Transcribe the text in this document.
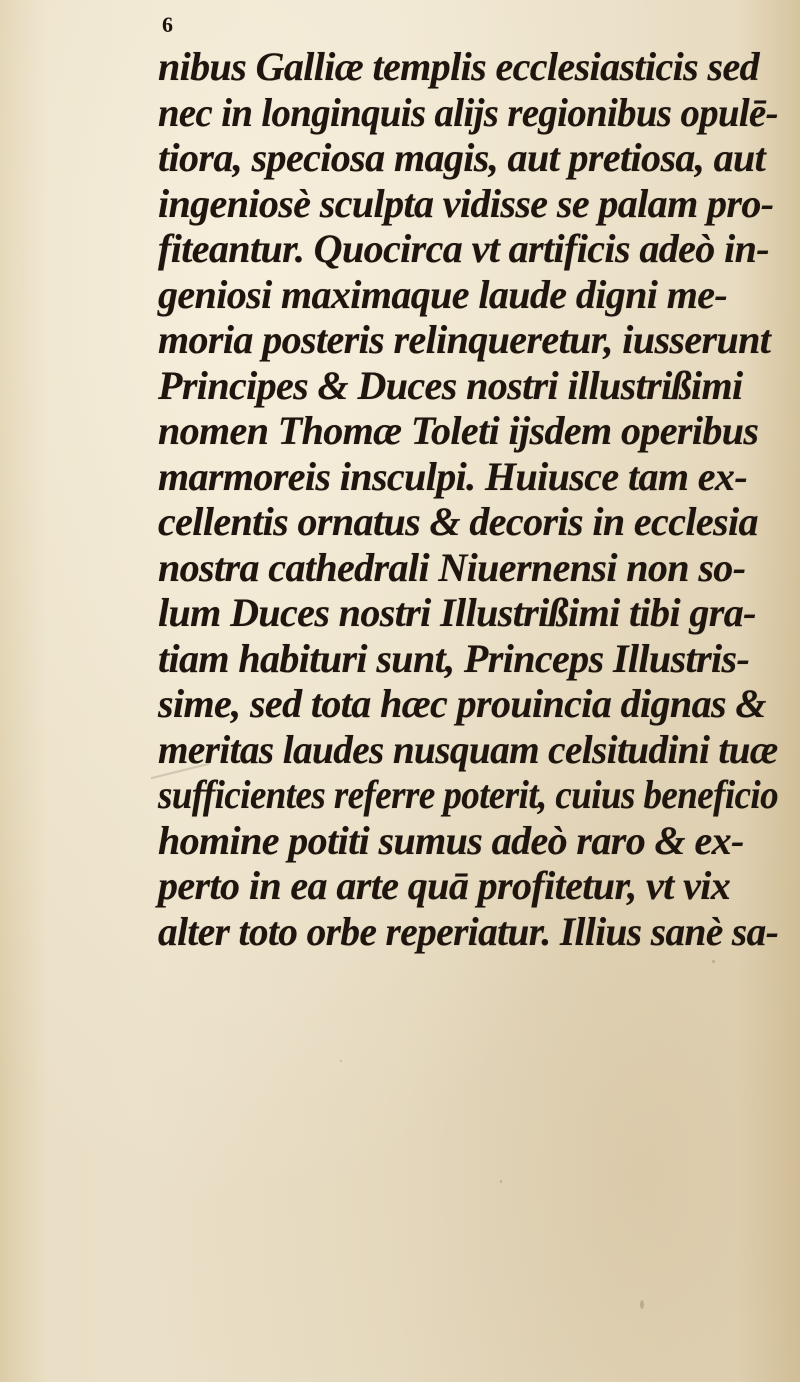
6
nibus Galliæ templis ecclesiasticis sed
nec in longinquis alijs regionibus opulē-
tiora, speciosa magis, aut pretiosa, aut
ingeniosè sculpta vidisse se palam pro-
fiteantur. Quocirca vt artificis adeò in-
geniosi maximaque laude digni me-
moria posteris relinqueretur, iusserunt
Principes & Duces nostri illustrißimi
nomen Thomæ Toleti ijsdem operibus
marmoreis insculpi. Huiusce tam ex-
cellentis ornatus & decoris in ecclesia
nostra cathedrali Niuernensi non so-
lum Duces nostri Illustrißimi tibi gra-
tiam habituri sunt, Princeps Illustris-
sime, sed tota hæc prouincia dignas &
meritas laudes nusquam celsitudini tuæ
sufficientes referre poterit, cuius beneficio
homine potiti sumus adeò raro & ex-
perto in ea arte quā profitetur, vt vix
alter toto orbe reperiatur. Illius sanè sa-
